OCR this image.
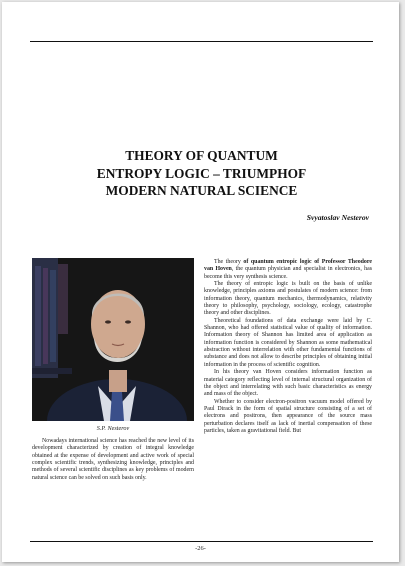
THEORY OF QUANTUM
ENTROPY LOGIC – TRIUMPHOF
MODERN NATURAL SCIENCE
Svyatoslav Nesterov
S.P. Nesterov

The theory of quantum entropic logic of Professor Theodore van Hoven, the quantum physician and specialist in electronics, has become this very synthesis science.

The theory of entropic logic is built on the basis of unlike knowledge, principles axioms and postulates of modern science: from information theory, quantum mechanics, thermodynamics, relativity theory to philosophy, psychology, sociology, ecology, catastrophe theory and other disciplines.

Theoretical foundations of data exchange were laid by C. Shannon, who had offered statistical value of quality of information. Information theory of Shannon has limited area of application as information function is considered by Shannon as some mathematical abstraction without interrelation with other fundamental functions of substance and does not allow to describe principles of obtaining initial information in the process of scientific cognition.

In his theory van Hoven considers information function as material category reflecting level of internal structural organization of the object and interrelating with such basic characteristics as energy and mass of the object.

Whether to consider electron-positron vacuum model offered by Paul Dirack in the form of spatial structure consisting of a set of electrons and positrons, then appearance of the source mass perturbation declares itself as lack of inertial compensation of these particles, taken as gravitational field. But

Nowadays international science has reached the new level of its development characterized by creation of integral knowledge obtained at the expense of development and active work of special complex scientific trends, synthesizing knowledge, principles and methods of several scientific disciplines as key problems of modern natural science can be solved on such basis only.

-26-
